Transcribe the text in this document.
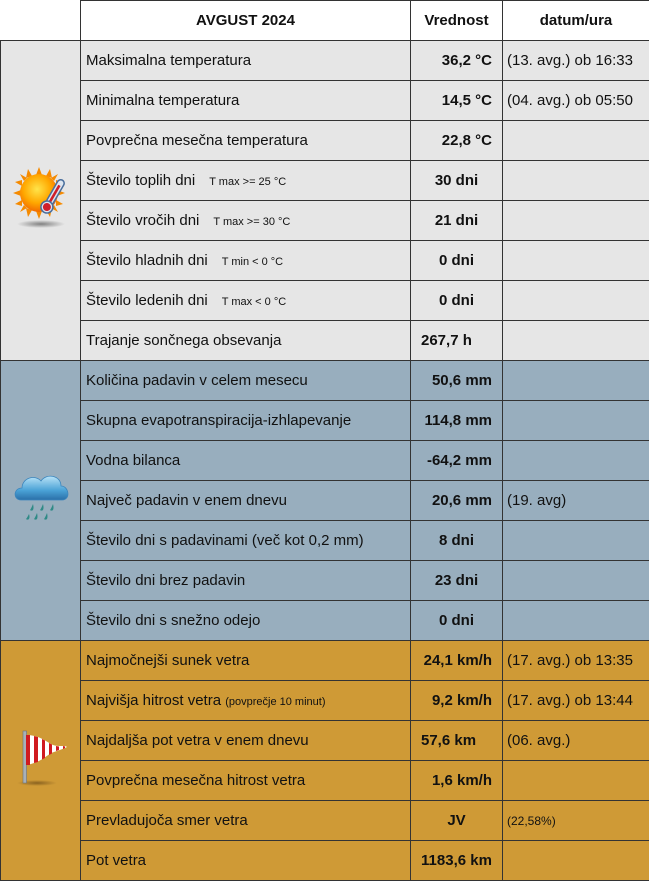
	AVGUST 2024	Vrednost	datum/ura
	Maksimalna temperatura	36,2 °C	(13. avg.) ob 16:33
	Minimalna temperatura	14,5 °C	(04. avg.) ob 05:50
	Povprečna mesečna temperatura	22,8 °C	
	Število toplih dni T max >= 25 °C	30 dni	
	Število vročih dni T max >= 30 °C	21 dni	
	Število hladnih dni T min < 0 °C	0 dni	
	Število ledenih dni T max < 0 °C	0 dni	
	Trajanje sončnega obsevanja	267,7 h	
	Količina padavin v celem mesecu	50,6 mm	
	Skupna evapotranspiracija-izhlapevanje	114,8 mm	
	Vodna bilanca	-64,2 mm	
	Največ padavin v enem dnevu	20,6 mm	(19. avg)
	Število dni s padavinami (več kot 0,2 mm)	8 dni	
	Število dni brez padavin	23 dni	
	Število dni s snežno odejo	0 dni	
	Najmočnejši sunek vetra	24,1 km/h	(17. avg.) ob 13:35
	Najvišja hitrost vetra (povprečje 10 minut)	9,2 km/h	(17. avg.) ob 13:44
	Najdaljša pot vetra v enem dnevu	57,6 km	(06. avg.)
	Povprečna mesečna hitrost vetra	1,6 km/h	
	Prevladujoča smer vetra	JV	(22,58%)
	Pot vetra	1183,6 km	
